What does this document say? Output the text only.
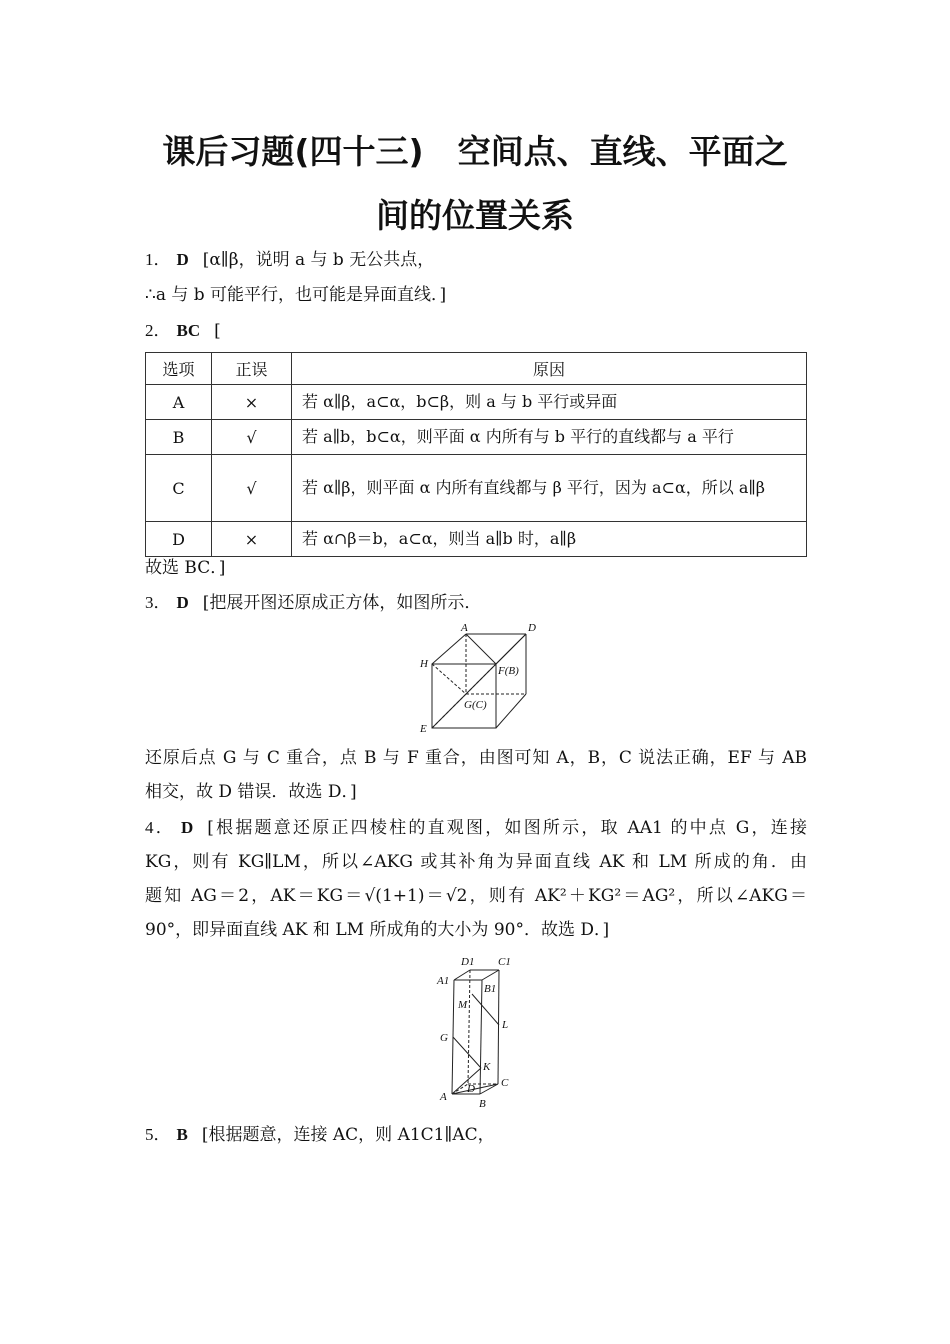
课后习题(四十三) 空间点、直线、平面之
间的位置关系
1． D [α∥β，说明 a 与 b 无公共点，
∴a 与 b 可能平行，也可能是异面直线．]
2． BC [
选项	正误	原因
A	×	若 α∥β，a⊂α，b⊂β，则 a 与 b 平行或异面
B	√	若 a∥b，b⊂α，则平面 α 内所有与 b 平行的直线都与 a 平行
C	√	若 α∥β，则平面 α 内所有直线都与 β 平行，因为 a⊂α，所以 a∥β
D	×	若 α∩β＝b，a⊂α，则当 a∥b 时，a∥β
故选 BC．]
3． D [把展开图还原成正方体，如图所示．
A	D
H
F(B)
G(C)
E
还原后点 G 与 C 重合，点 B 与 F 重合，由图可知 A，B，C 说法正确，EF 与 AB
相交，故 D 错误．故选 D．]
4． D [根据题意还原正四棱柱的直观图，如图所示，取 AA1 的中点 G，连接
KG，则有 KG∥LM，所以∠AKG 或其补角为异面直线 AK 和 LM 所成的角．由
题知 AG＝2，AK＝KG＝√(1+1)＝√2，则有 AK²＋KG²＝AG²，所以∠AKG＝
90°，即异面直线 AK 和 LM 所成角的大小为 90°．故选 D．]
D1 C1
A1
B1
M
L
G
K
D C
A
B
5． B [根据题意，连接 AC，则 A1C1∥AC，
